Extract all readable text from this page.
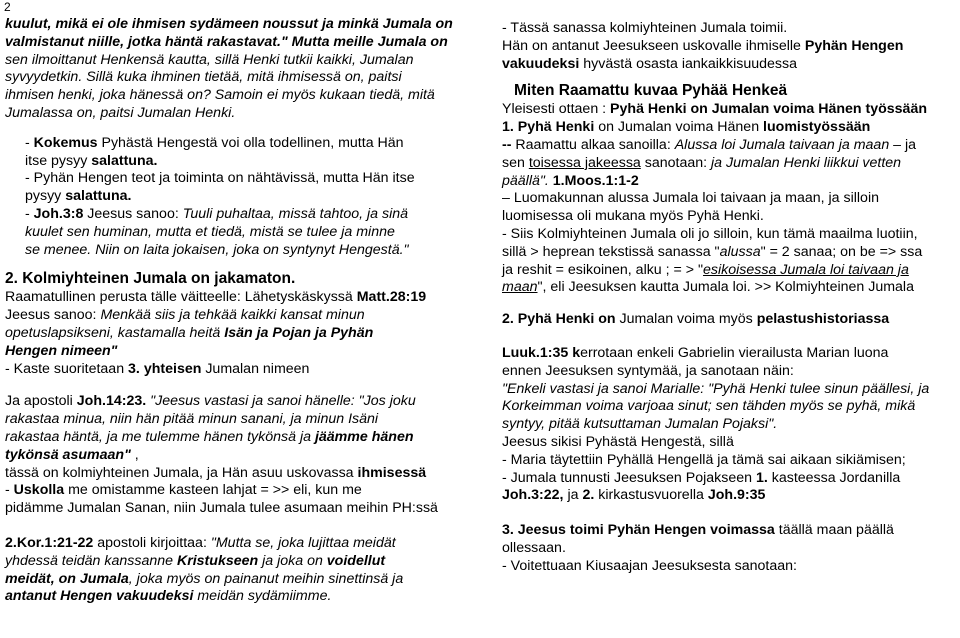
2
kuulut, mikä ei ole ihmisen sydämeen noussut ja minkä Jumala on
valmistanut niille, jotka häntä rakastavat." Mutta meille Jumala on
sen ilmoittanut Henkensä kautta, sillä Henki tutkii kaikki, Jumalan
syvyydetkin. Sillä kuka ihminen tietää, mitä ihmisessä on, paitsi
ihmisen henki, joka hänessä on? Samoin ei myös kukaan tiedä, mitä
Jumalassa on, paitsi Jumalan Henki.
- Kokemus Pyhästä Hengestä voi olla todellinen, mutta Hän
itse pysyy salattuna.
- Pyhän Hengen teot ja toiminta on nähtävissä, mutta Hän itse
pysyy salattuna.
- Joh.3:8 Jeesus sanoo: Tuuli puhaltaa, missä tahtoo, ja sinä
kuulet sen huminan, mutta et tiedä, mistä se tulee ja minne
se menee. Niin on laita jokaisen, joka on syntynyt Hengestä."
2. Kolmiyhteinen Jumala on jakamaton.
Raamatullinen perusta tälle väitteelle: Lähetyskäskyssä Matt.28:19
Jeesus sanoo: Menkää siis ja tehkää kaikki kansat minun
opetuslapsikseni, kastamalla heitä Isän ja Pojan ja Pyhän
Hengen nimeen"
- Kaste suoritetaan 3. yhteisen Jumalan nimeen
Ja apostoli Joh.14:23. "Jeesus vastasi ja sanoi hänelle: "Jos joku
rakastaa minua, niin hän pitää minun sanani, ja minun Isäni
rakastaa häntä, ja me tulemme hänen tykönsä ja jäämme hänen
tykönsä asumaan" ,
tässä on kolmiyhteinen Jumala, ja Hän asuu uskovassa ihmisessä
- Uskolla me omistamme kasteen lahjat = >> eli, kun me
pidämme Jumalan Sanan, niin Jumala tulee asumaan meihin PH:ssä
2.Kor.1:21-22 apostoli kirjoittaa: "Mutta se, joka lujittaa meidät
yhdessä teidän kanssanne Kristukseen ja joka on voidellut
meidät, on Jumala, joka myös on painanut meihin sinettinsä ja
antanut Hengen vakuudeksi meidän sydämiimme.
- Tässä sanassa kolmiyhteinen Jumala toimii.
Hän on antanut Jeesukseen uskovalle ihmiselle Pyhän Hengen
vakuudeksi hyvästä osasta iankaikkisuudessa
Miten Raamattu kuvaa Pyhää Henkeä
Yleisesti ottaen : Pyhä Henki on Jumalan voima Hänen työssään
1. Pyhä Henki on Jumalan voima Hänen luomistyössään
-- Raamattu alkaa sanoilla: Alussa loi Jumala taivaan ja maan – ja
sen toisessa jakeessa sanotaan: ja Jumalan Henki liikkui vetten
päällä". 1.Moos.1:1-2
– Luomakunnan alussa Jumala loi taivaan ja maan, ja silloin
luomisessa oli mukana myös Pyhä Henki.
- Siis Kolmiyhteinen Jumala oli jo silloin, kun tämä maailma luotiin,
sillä > heprean tekstissä sanassa "alussa" = 2 sanaa; on be => ssa
ja reshit = esikoinen, alku ; = > "esikoisessa Jumala loi taivaan ja
maan", eli Jeesuksen kautta Jumala loi. >> Kolmiyhteinen Jumala
2. Pyhä Henki on Jumalan voima myös pelastushistoriassa
Luuk.1:35 kerrotaan enkeli Gabrielin vierailusta Marian luona
ennen Jeesuksen syntymää, ja sanotaan näin:
"Enkeli vastasi ja sanoi Marialle: "Pyhä Henki tulee sinun päällesi, ja
Korkeimman voima varjoaa sinut; sen tähden myös se pyhä, mikä
syntyy, pitää kutsuttaman Jumalan Pojaksi".
Jeesus sikisi Pyhästä Hengestä, sillä
- Maria täytettiin Pyhällä Hengellä ja tämä sai aikaan sikiämisen;
- Jumala tunnusti Jeesuksen Pojakseen 1. kasteessa Jordanilla
Joh.3:22, ja 2. kirkastusvuorella Joh.9:35
3. Jeesus toimi Pyhän Hengen voimassa täällä maan päällä
ollessaan.
- Voitettuaan Kiusaajan Jeesuksesta sanotaan:
